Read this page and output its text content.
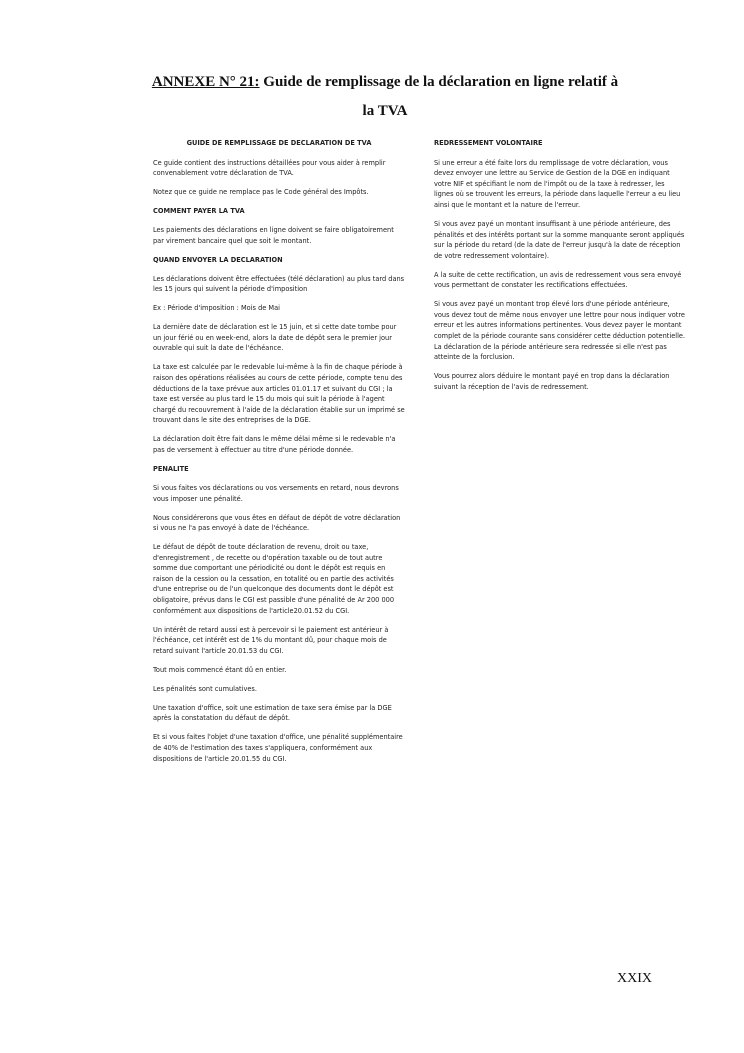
ANNEXE N° 21: Guide de remplissage de la déclaration en ligne relatif à la TVA
GUIDE DE REMPLISSAGE DE DECLARATION DE TVA

Ce guide contient des instructions détaillées pour vous aider à remplir convenablement votre déclaration de TVA.

Notez que ce guide ne remplace pas le Code général des Impôts.

COMMENT PAYER LA TVA

Les paiements des déclarations en ligne doivent se faire obligatoirement par virement bancaire quel que soit le montant.

QUAND ENVOYER LA DECLARATION

Les déclarations doivent être effectuées (télé déclaration) au plus tard dans les 15 jours qui suivent la période d'imposition

Ex : Période d'imposition : Mois de Mai

La dernière date de déclaration est le 15 juin, et si cette date tombe pour un jour férié ou en week-end, alors la date de dépôt sera le premier jour ouvrable qui suit la date de l'échéance.

La taxe est calculée par le redevable lui-même à la fin de chaque période à raison des opérations réalisées au cours de cette période, compte tenu des déductions de la taxe prévue aux articles 01.01.17 et suivant du CGI ; la taxe est versée au plus tard le 15 du mois qui suit la période à l'agent chargé du recouvrement à l'aide de la déclaration établie sur un imprimé se trouvant dans le site des entreprises de la DGE.

La déclaration doit être fait dans le même délai même si le redevable n'a pas de versement à effectuer au titre d'une période donnée.

PENALITE

Si vous faites vos déclarations ou vos versements en retard, nous devrons vous imposer une pénalité.

Nous considérerons que vous êtes en défaut de dépôt de votre déclaration si vous ne l'a pas envoyé à date de l'échéance.

Le défaut de dépôt de toute déclaration de revenu, droit ou taxe, d'enregistrement , de recette ou d'opération taxable ou de tout autre somme due comportant une périodicité ou dont le dépôt est requis en raison de la cession ou la cessation, en totalité ou en partie des activités d'une entreprise ou de l'un quelconque des documents dont le dépôt est obligatoire, prévus dans le CGI est passible d'une pénalité de Ar 200 000 conformément aux dispositions de l'article20.01.52 du CGI.

Un intérêt de retard aussi est à percevoir si le paiement est antérieur à l'échéance, cet intérêt est de 1% du montant dû, pour chaque mois de retard suivant l'article 20.01.53 du CGI.

Tout mois commencé étant dû en entier.

Les pénalités sont cumulatives.

Une taxation d'office, soit une estimation de taxe sera émise par la DGE après la constatation du défaut de dépôt.

Et si vous faites l'objet d'une taxation d'office, une pénalité supplémentaire de 40% de l'estimation des taxes s'appliquera, conformément aux dispositions de l'article 20.01.55 du CGI.

REDRESSEMENT VOLONTAIRE

Si une erreur a été faite lors du remplissage de votre déclaration, vous devez envoyer une lettre au Service de Gestion de la DGE en indiquant votre NIF et spécifiant le nom de l'impôt ou de la taxe à redresser, les lignes où se trouvent les erreurs, la période dans laquelle l'erreur a eu lieu ainsi que le montant et la nature de l'erreur.

Si vous avez payé un montant insuffisant à une période antérieure, des pénalités et des intérêts portant sur la somme manquante seront appliqués sur la période du retard (de la date de l'erreur jusqu'à la date de réception de votre redressement volontaire).

A la suite de cette rectification, un avis de redressement vous sera envoyé vous permettant de constater les rectifications effectuées.

Si vous avez payé un montant trop élevé lors d'une période antérieure, vous devez tout de même nous envoyer une lettre pour nous indiquer votre erreur et les autres informations pertinentes. Vous devez payer le montant complet de la période courante sans considérer cette déduction potentielle. La déclaration de la période antérieure sera redressée si elle n'est pas atteinte de la forclusion.

Vous pourrez alors déduire le montant payé en trop dans la déclaration suivant la réception de l'avis de redressement.

XXIX
